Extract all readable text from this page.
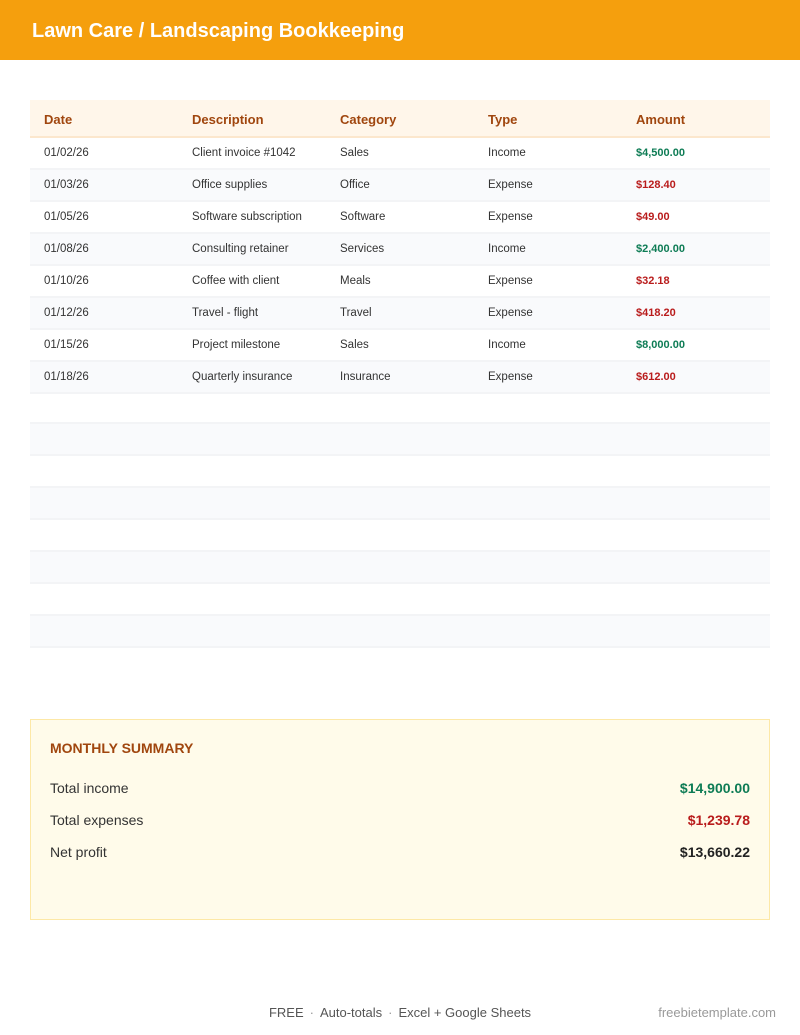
Lawn Care / Landscaping Bookkeeping
Date	Description	Category	Type	Amount
01/02/26	Client invoice #1042	Sales	Income	$4,500.00
01/03/26	Office supplies	Office	Expense	$128.40
01/05/26	Software subscription	Software	Expense	$49.00
01/08/26	Consulting retainer	Services	Income	$2,400.00
01/10/26	Coffee with client	Meals	Expense	$32.18
01/12/26	Travel - flight	Travel	Expense	$418.20
01/15/26	Project milestone	Sales	Income	$8,000.00
01/18/26	Quarterly insurance	Insurance	Expense	$612.00
MONTHLY SUMMARY
Total income	$14,900.00
Total expenses	$1,239.78
Net profit	$13,660.22
FREE · Auto-totals · Excel + Google Sheets	freebietemplate.com
